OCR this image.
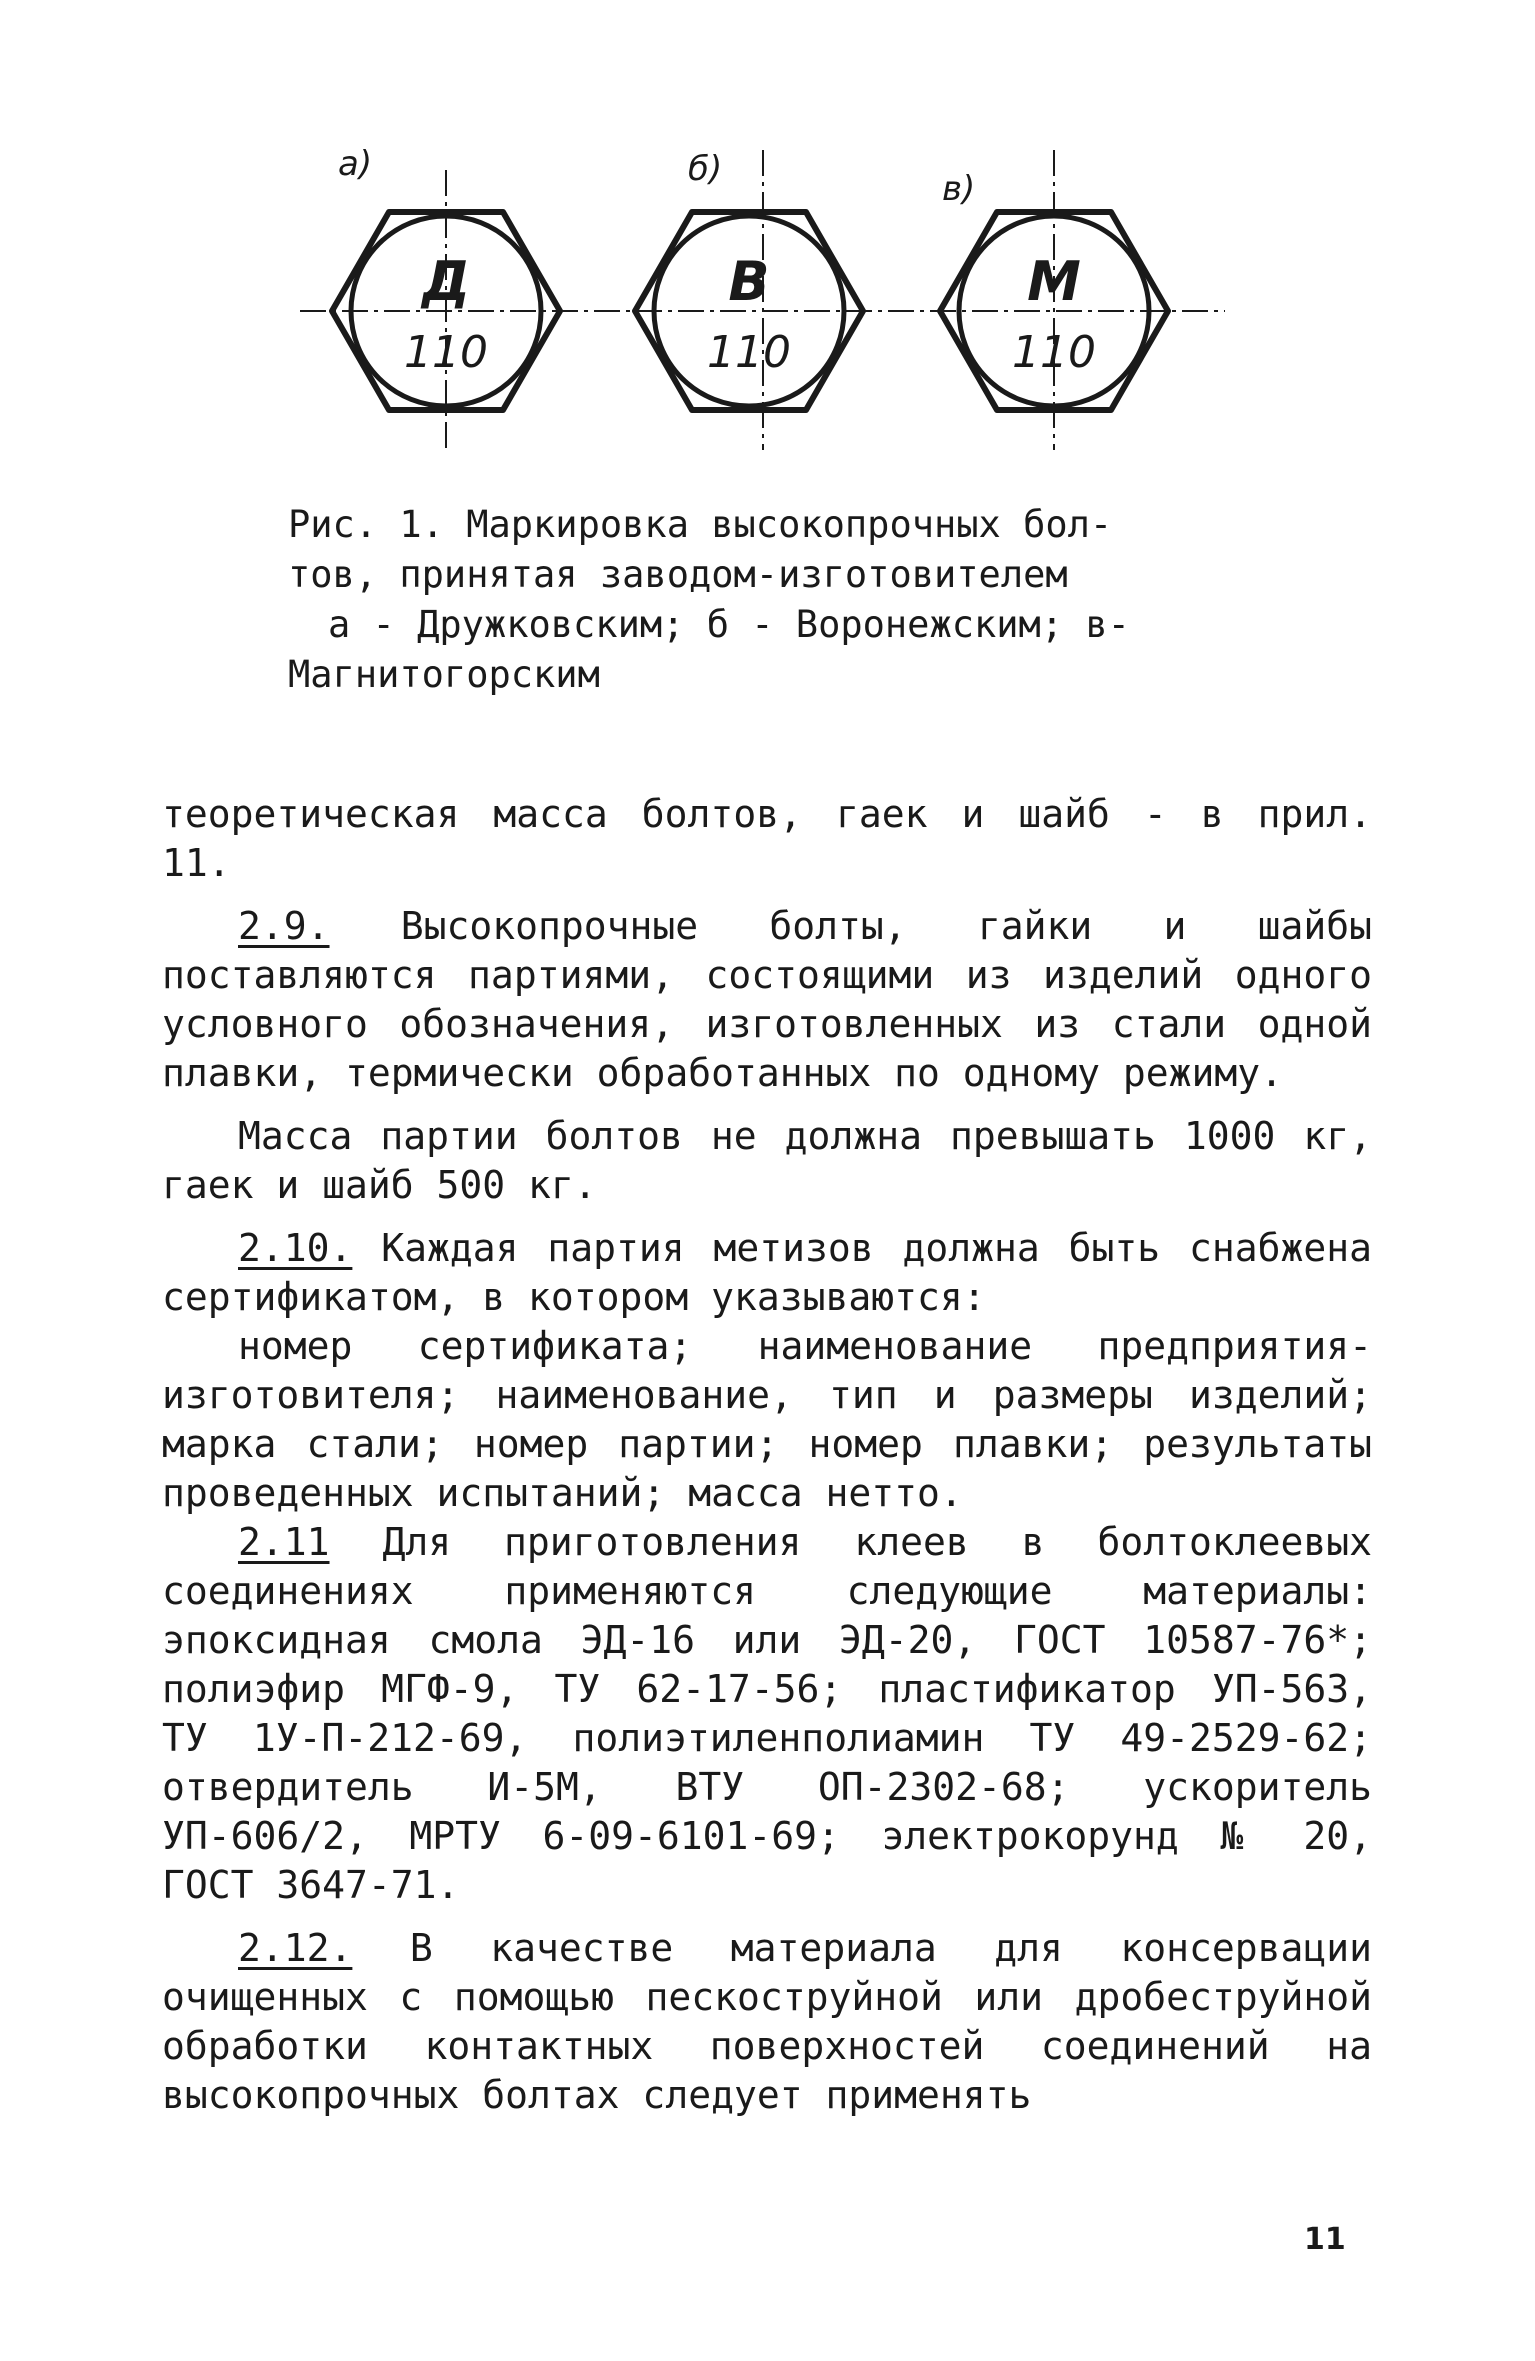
а)	б)	в)
Д
110
В
110
М
110
Рис. 1. Маркировка высокопрочных бол-
тов, принятая заводом-изготовителем
а - Дружковским; б - Воронежским; в-
Магнитогорским

теоретическая масса болтов, гаек и шайб - в прил. 11.

2.9. Высокопрочные болты, гайки и шайбы поставляются партиями, состоящими из изделий одного условного обозначения, изготовленных из стали одной плавки, термически обработанных по одному режиму.

Масса партии болтов не должна превышать 1000 кг, гаек и шайб 500 кг.

2.10. Каждая партия метизов должна быть снабжена сертификатом, в котором указываются:

номер сертификата; наименование предприятия-изготовителя; наименование, тип и размеры изделий; марка стали; номер партии; номер плавки; результаты проведенных испытаний; масса нетто.

2.11 Для приготовления клеев в болтоклеевых соединениях применяются следующие материалы: эпоксидная смола ЭД-16 или ЭД-20, ГОСТ 10587-76*; полиэфир МГФ-9, ТУ 62-17-56; пластификатор УП-563, ТУ 1У-П-212-69, полиэтиленполиамин ТУ 49-2529-62; отвердитель И-5М, ВТУ ОП-2302-68; ускоритель УП-606/2, МРТУ 6-09-6101-69; электрокорунд № 20, ГОСТ 3647-71.

2.12. В качестве материала для консервации очищенных с помощью пескоструйной или дробеструйной обработки контактных поверхностей соединений на высокопрочных болтах следует применять

11
